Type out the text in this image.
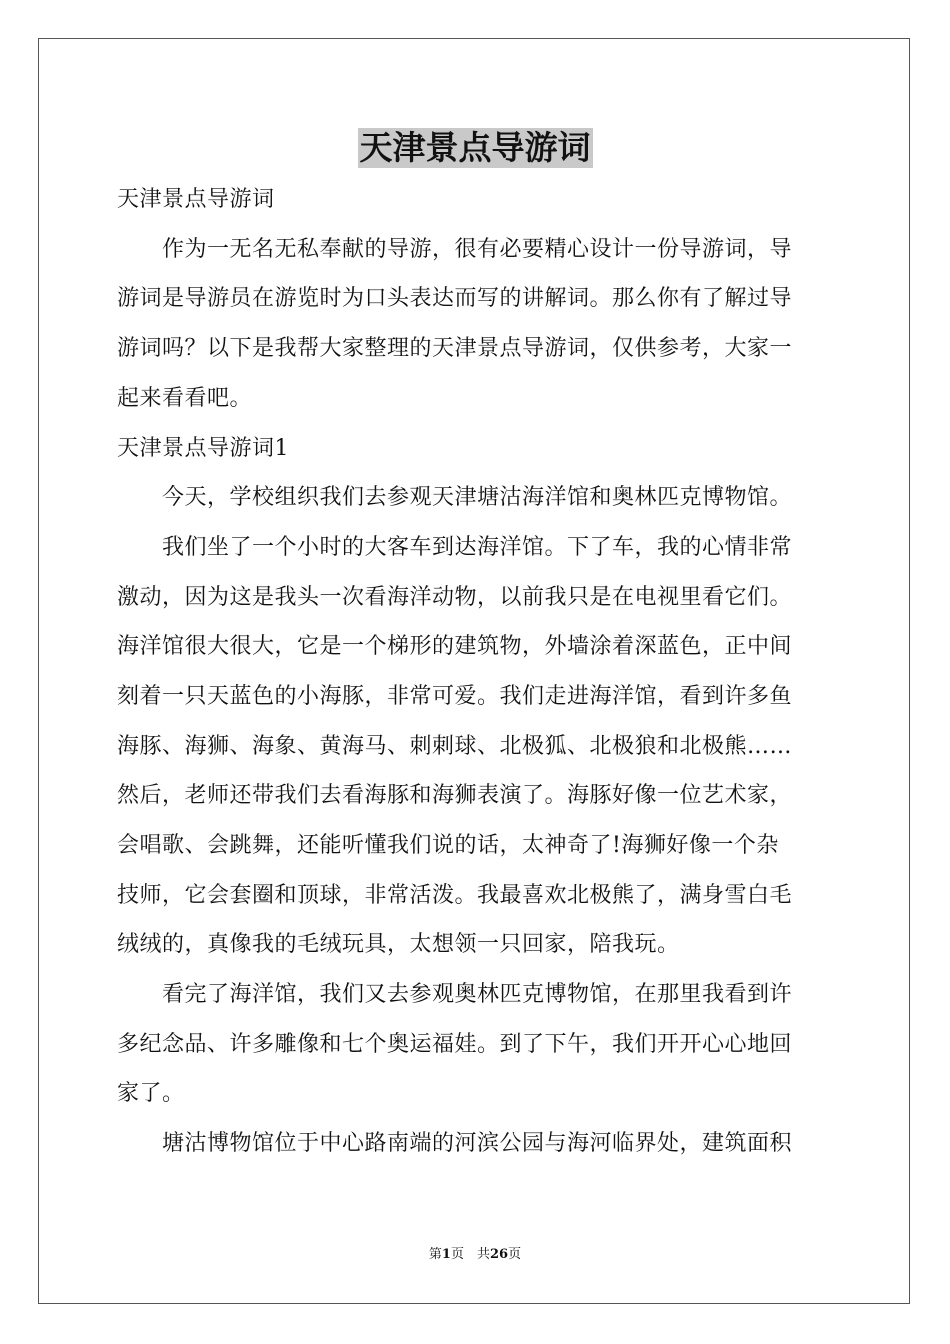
天津景点导游词
天津景点导游词
作为一无名无私奉献的导游，很有必要精心设计一份导游词，导
游词是导游员在游览时为口头表达而写的讲解词。那么你有了解过导
游词吗？以下是我帮大家整理的天津景点导游词，仅供参考，大家一
起来看看吧。
天津景点导游词1
今天，学校组织我们去参观天津塘沽海洋馆和奥林匹克博物馆。
我们坐了一个小时的大客车到达海洋馆。下了车，我的心情非常
激动，因为这是我头一次看海洋动物，以前我只是在电视里看它们。
海洋馆很大很大，它是一个梯形的建筑物，外墙涂着深蓝色，正中间
刻着一只天蓝色的小海豚，非常可爱。我们走进海洋馆，看到许多鱼
海豚、海狮、海象、黄海马、刺刺球、北极狐、北极狼和北极熊……
然后，老师还带我们去看海豚和海狮表演了。海豚好像一位艺术家，
会唱歌、会跳舞，还能听懂我们说的话，太神奇了!海狮好像一个杂
技师，它会套圈和顶球，非常活泼。我最喜欢北极熊了，满身雪白毛
绒绒的，真像我的毛绒玩具，太想领一只回家，陪我玩。
看完了海洋馆，我们又去参观奥林匹克博物馆，在那里我看到许
多纪念品、许多雕像和七个奥运福娃。到了下午，我们开开心心地回
家了。
塘沽博物馆位于中心路南端的河滨公园与海河临界处，建筑面积
第1页　共26页
